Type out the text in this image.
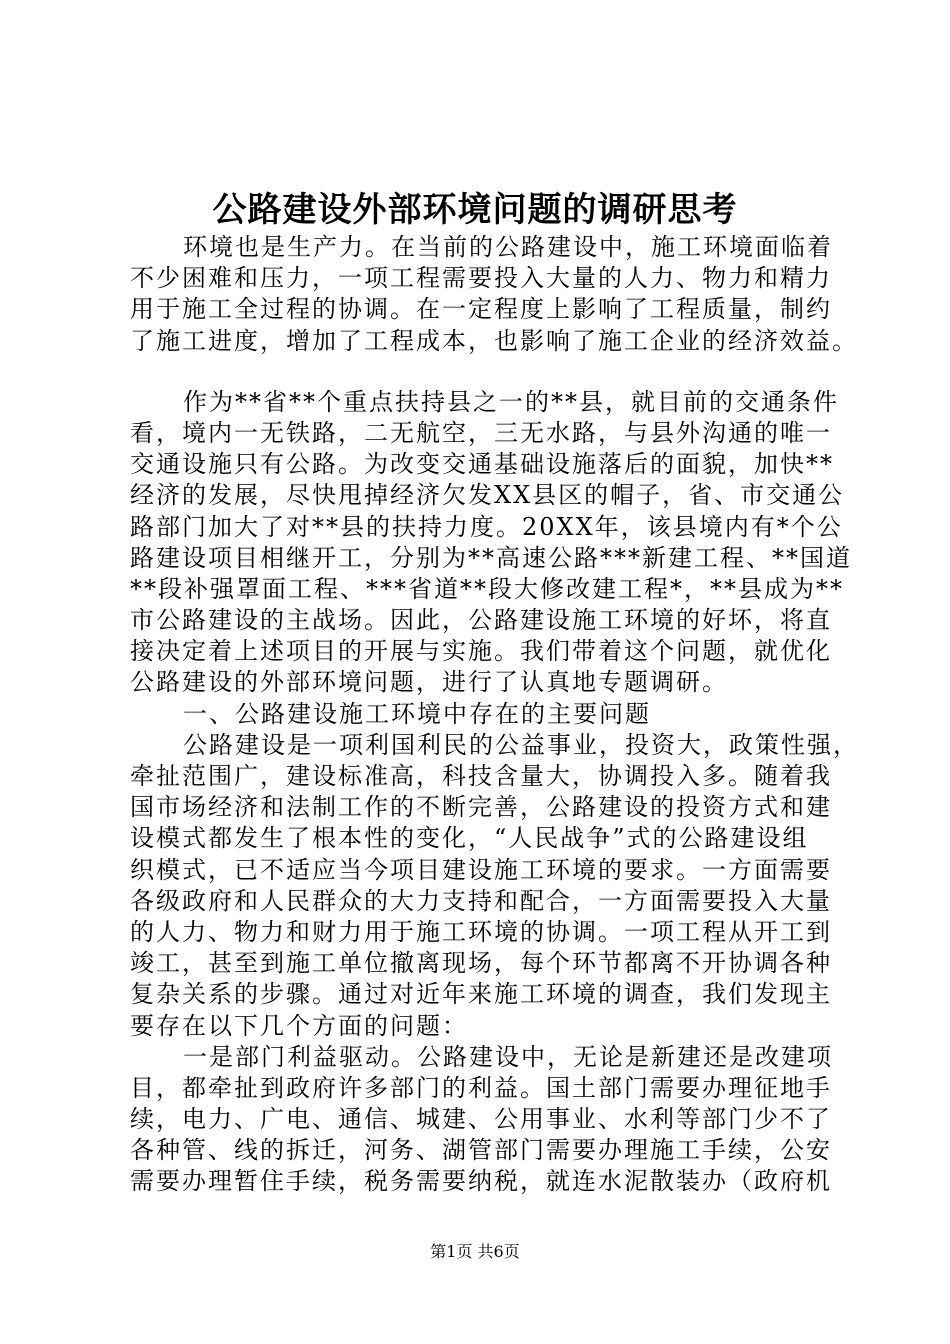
公路建设外部环境问题的调研思考
环境也是生产力。在当前的公路建设中，施工环境面临着
不少困难和压力，一项工程需要投入大量的人力、物力和精力
用于施工全过程的协调。在一定程度上影响了工程质量，制约
了施工进度，增加了工程成本，也影响了施工企业的经济效益。
作为**省**个重点扶持县之一的**县，就目前的交通条件
看，境内一无铁路，二无航空，三无水路，与县外沟通的唯一
交通设施只有公路。为改变交通基础设施落后的面貌，加快**
经济的发展，尽快甩掉经济欠发XX县区的帽子，省、市交通公
路部门加大了对**县的扶持力度。20XX年，该县境内有*个公
路建设项目相继开工，分别为**高速公路***新建工程、**国道
**段补强罩面工程、***省道**段大修改建工程*，**县成为**
市公路建设的主战场。因此，公路建设施工环境的好坏，将直
接决定着上述项目的开展与实施。我们带着这个问题，就优化
公路建设的外部环境问题，进行了认真地专题调研。
一、公路建设施工环境中存在的主要问题
公路建设是一项利国利民的公益事业，投资大，政策性强，
牵扯范围广，建设标准高，科技含量大，协调投入多。随着我
国市场经济和法制工作的不断完善，公路建设的投资方式和建
设模式都发生了根本性的变化，“人民战争”式的公路建设组
织模式，已不适应当今项目建设施工环境的要求。一方面需要
各级政府和人民群众的大力支持和配合，一方面需要投入大量
的人力、物力和财力用于施工环境的协调。一项工程从开工到
竣工，甚至到施工单位撤离现场，每个环节都离不开协调各种
复杂关系的步骤。通过对近年来施工环境的调查，我们发现主
要存在以下几个方面的问题：
一是部门利益驱动。公路建设中，无论是新建还是改建项
目，都牵扯到政府许多部门的利益。国土部门需要办理征地手
续，电力、广电、通信、城建、公用事业、水利等部门少不了
各种管、线的拆迁，河务、湖管部门需要办理施工手续，公安
需要办理暂住手续，税务需要纳税，就连水泥散装办（政府机
第1页 共6页
